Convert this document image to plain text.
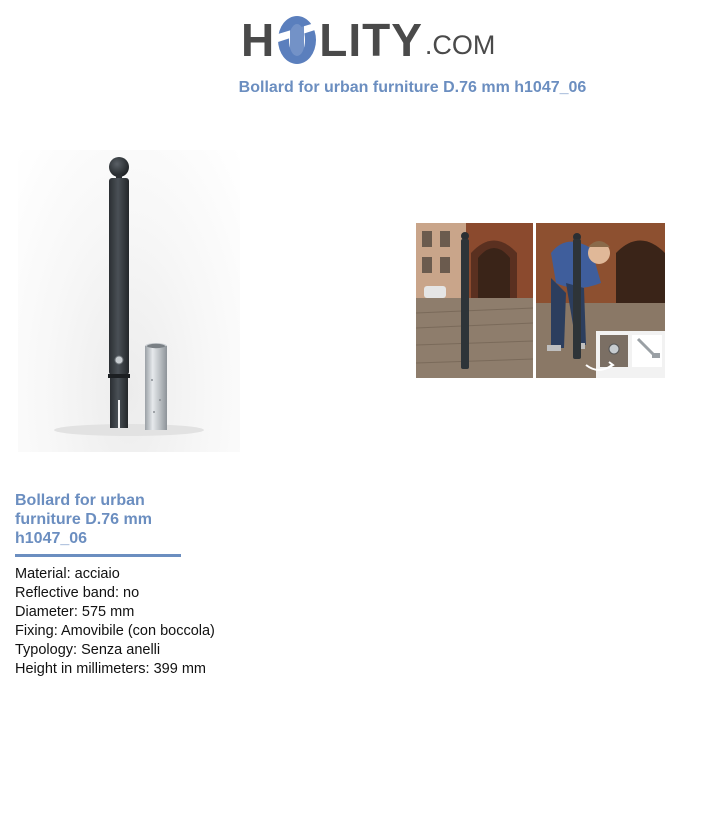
H LITY .COM
Bollard for urban furniture D.76 mm h1047_06
Bollard for urban furniture D.76 mm h1047_06
Material: acciaio
Reflective band: no
Diameter: 575 mm
Fixing: Amovibile (con boccola)
Typology: Senza anelli
Height in millimeters: 399 mm
